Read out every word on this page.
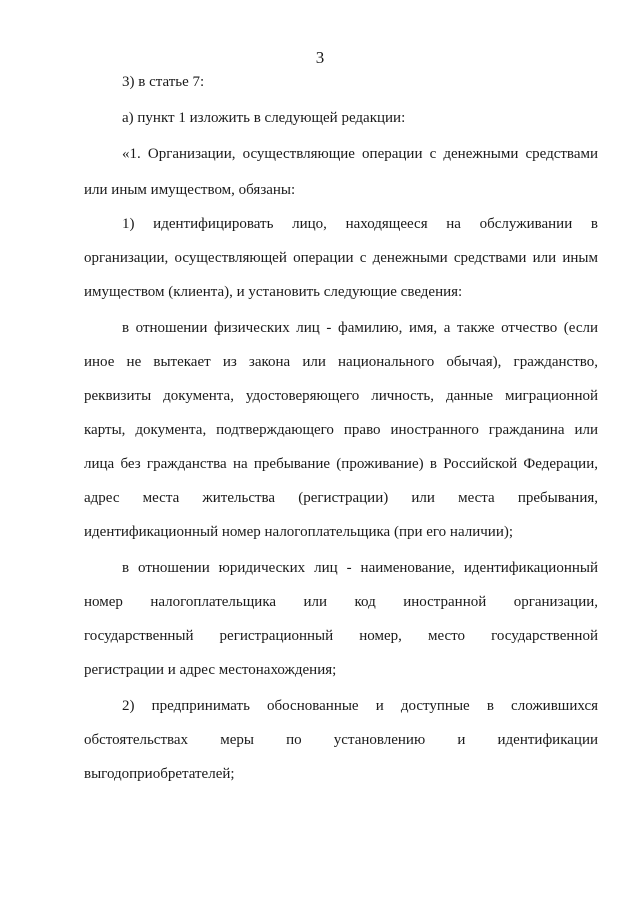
3
3) в статье 7:
а) пункт 1 изложить в следующей редакции:
«1. Организации, осуществляющие операции с денежными средствами
или иным имуществом, обязаны:
1) идентифицировать лицо, находящееся на обслуживании в
организации, осуществляющей операции с денежными средствами или иным
имуществом (клиента), и установить следующие сведения:
в отношении физических лиц - фамилию, имя, а также отчество (если
иное не вытекает из закона или национального обычая), гражданство,
реквизиты документа, удостоверяющего личность, данные миграционной
карты, документа, подтверждающего право иностранного гражданина или
лица без гражданства на пребывание (проживание) в Российской Федерации,
адрес места жительства (регистрации) или места пребывания,
идентификационный номер налогоплательщика (при его наличии);
в отношении юридических лиц - наименование, идентификационный
номер налогоплательщика или код иностранной организации,
государственный регистрационный номер, место государственной
регистрации и адрес местонахождения;
2) предпринимать обоснованные и доступные в сложившихся
обстоятельствах меры по установлению и идентификации
выгодоприобретателей;
